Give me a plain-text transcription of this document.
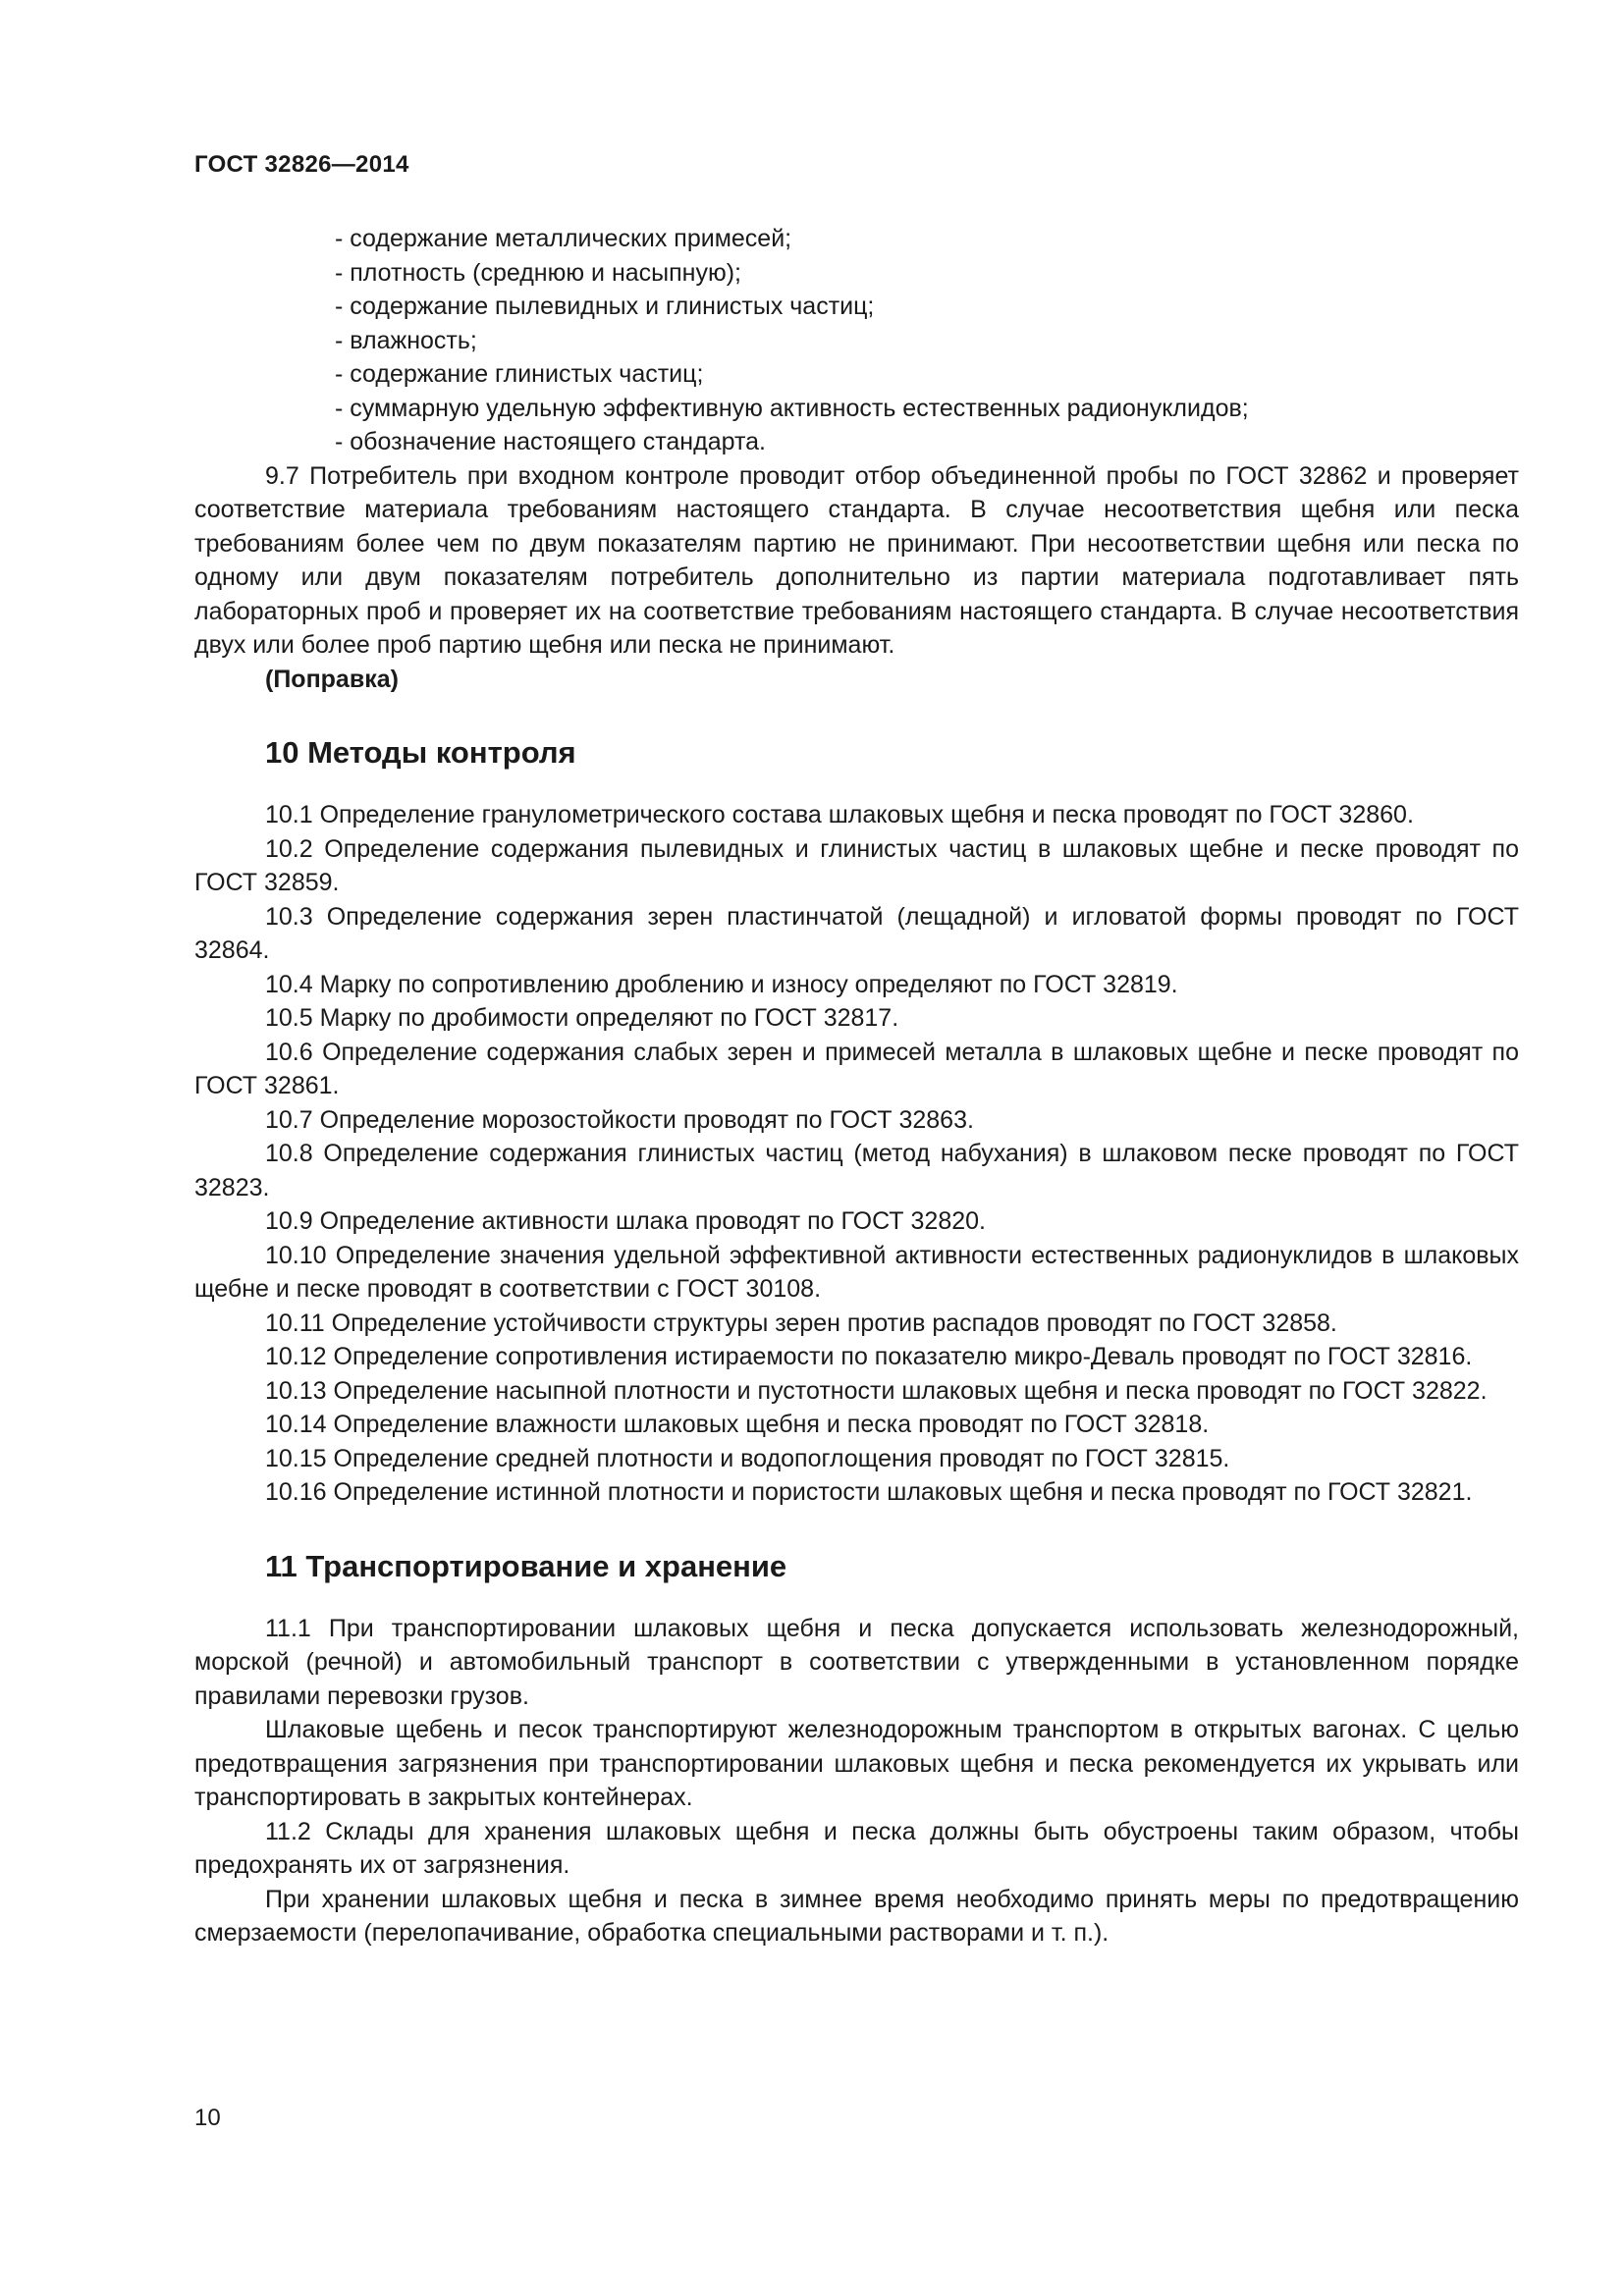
ГОСТ 32826—2014
- содержание металлических примесей;
- плотность (среднюю и насыпную);
- содержание пылевидных и глинистых частиц;
- влажность;
- содержание глинистых частиц;
- суммарную удельную эффективную активность естественных радионуклидов;
- обозначение настоящего стандарта.

9.7 Потребитель при входном контроле проводит отбор объединенной пробы по ГОСТ 32862 и проверяет соответствие материала требованиям настоящего стандарта. В случае несоответствия щебня или песка требованиям более чем по двум показателям партию не принимают. При несоответствии щебня или песка по одному или двум показателям потребитель дополнительно из партии материала подготавливает пять лабораторных проб и проверяет их на соответствие требованиям настоящего стандарта. В случае несоответствия двух или более проб партию щебня или песка не принимают.

(Поправка)
10 Методы контроля

10.1 Определение гранулометрического состава шлаковых щебня и песка проводят по ГОСТ 32860.

10.2 Определение содержания пылевидных и глинистых частиц в шлаковых щебне и песке проводят по ГОСТ 32859.

10.3 Определение содержания зерен пластинчатой (лещадной) и игловатой формы проводят по ГОСТ 32864.

10.4 Марку по сопротивлению дроблению и износу определяют по ГОСТ 32819.

10.5 Марку по дробимости определяют по ГОСТ 32817.

10.6 Определение содержания слабых зерен и примесей металла в шлаковых щебне и песке проводят по ГОСТ 32861.

10.7 Определение морозостойкости проводят по ГОСТ 32863.

10.8 Определение содержания глинистых частиц (метод набухания) в шлаковом песке проводят по ГОСТ 32823.

10.9 Определение активности шлака проводят по ГОСТ 32820.

10.10 Определение значения удельной эффективной активности естественных радионуклидов в шлаковых щебне и песке проводят в соответствии с ГОСТ 30108.

10.11 Определение устойчивости структуры зерен против распадов проводят по ГОСТ 32858.

10.12 Определение сопротивления истираемости по показателю микро-Деваль проводят по ГОСТ 32816.

10.13 Определение насыпной плотности и пустотности шлаковых щебня и песка проводят по ГОСТ 32822.

10.14 Определение влажности шлаковых щебня и песка проводят по ГОСТ 32818.

10.15 Определение средней плотности и водопоглощения проводят по ГОСТ 32815.

10.16 Определение истинной плотности и пористости шлаковых щебня и песка проводят по ГОСТ 32821.

11 Транспортирование и хранение

11.1 При транспортировании шлаковых щебня и песка допускается использовать железнодорожный, морской (речной) и автомобильный транспорт в соответствии с утвержденными в установленном порядке правилами перевозки грузов.

Шлаковые щебень и песок транспортируют железнодорожным транспортом в открытых вагонах. С целью предотвращения загрязнения при транспортировании шлаковых щебня и песка рекомендуется их укрывать или транспортировать в закрытых контейнерах.

11.2 Склады для хранения шлаковых щебня и песка должны быть обустроены таким образом, чтобы предохранять их от загрязнения.

При хранении шлаковых щебня и песка в зимнее время необходимо принять меры по предотвращению смерзаемости (перелопачивание, обработка специальными растворами и т. п.).

10
